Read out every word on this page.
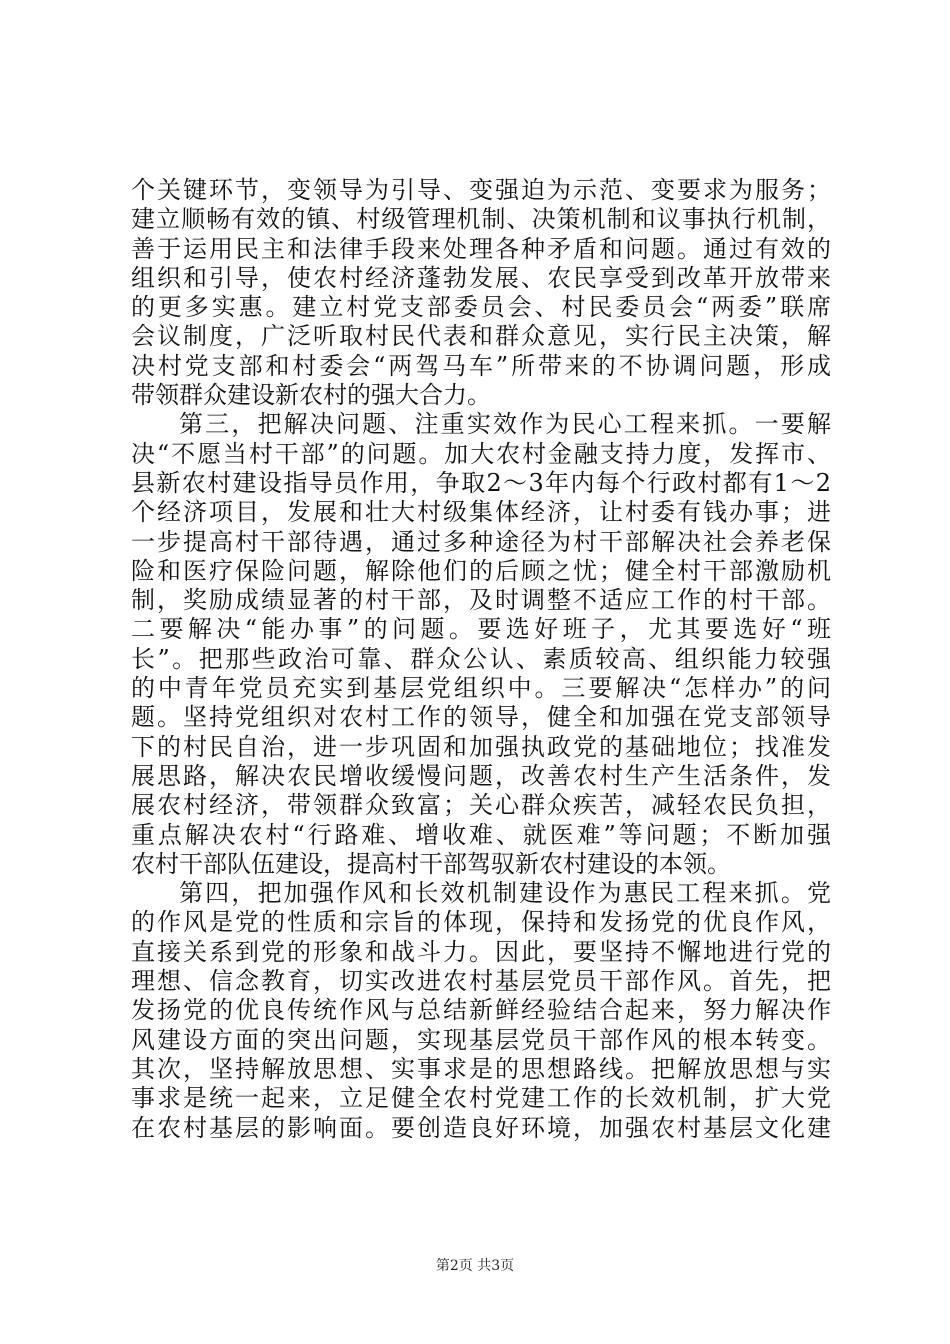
个关键环节，变领导为引导、变强迫为示范、变要求为服务；
建立顺畅有效的镇、村级管理机制、决策机制和议事执行机制，
善于运用民主和法律手段来处理各种矛盾和问题。通过有效的
组织和引导，使农村经济蓬勃发展、农民享受到改革开放带来
的更多实惠。建立村党支部委员会、村民委员会“两委”联席
会议制度，广泛听取村民代表和群众意见，实行民主决策，解
决村党支部和村委会“两驾马车”所带来的不协调问题，形成
带领群众建设新农村的强大合力。
第三，把解决问题、注重实效作为民心工程来抓。一要解
决“不愿当村干部”的问题。加大农村金融支持力度，发挥市、
县新农村建设指导员作用，争取2～3年内每个行政村都有1～2
个经济项目，发展和壮大村级集体经济，让村委有钱办事；进
一步提高村干部待遇，通过多种途径为村干部解决社会养老保
险和医疗保险问题，解除他们的后顾之忧；健全村干部激励机
制，奖励成绩显著的村干部，及时调整不适应工作的村干部。
二要解决“能办事”的问题。要选好班子，尤其要选好“班
长”。把那些政治可靠、群众公认、素质较高、组织能力较强
的中青年党员充实到基层党组织中。三要解决“怎样办”的问
题。坚持党组织对农村工作的领导，健全和加强在党支部领导
下的村民自治，进一步巩固和加强执政党的基础地位；找准发
展思路，解决农民增收缓慢问题，改善农村生产生活条件，发
展农村经济，带领群众致富；关心群众疾苦，减轻农民负担，
重点解决农村“行路难、增收难、就医难”等问题；不断加强
农村干部队伍建设，提高村干部驾驭新农村建设的本领。
第四，把加强作风和长效机制建设作为惠民工程来抓。党
的作风是党的性质和宗旨的体现，保持和发扬党的优良作风，
直接关系到党的形象和战斗力。因此，要坚持不懈地进行党的
理想、信念教育，切实改进农村基层党员干部作风。首先，把
发扬党的优良传统作风与总结新鲜经验结合起来，努力解决作
风建设方面的突出问题，实现基层党员干部作风的根本转变。
其次，坚持解放思想、实事求是的思想路线。把解放思想与实
事求是统一起来，立足健全农村党建工作的长效机制，扩大党
在农村基层的影响面。要创造良好环境，加强农村基层文化建
第2页 共3页
